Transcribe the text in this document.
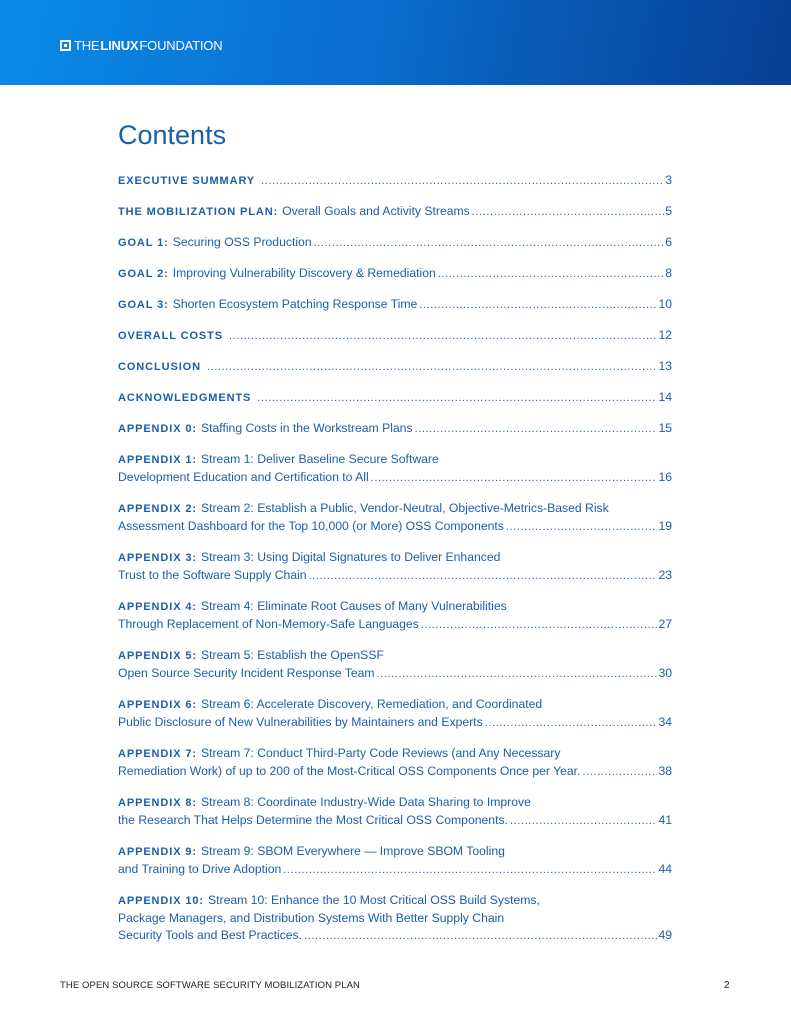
THE LINUX FOUNDATION
Contents
EXECUTIVE SUMMARY .....	3
THE MOBILIZATION PLAN: Overall Goals and Activity Streams .....	5
GOAL 1: Securing OSS Production .....	6
GOAL 2: Improving Vulnerability Discovery & Remediation .....	8
GOAL 3: Shorten Ecosystem Patching Response Time .....	10
OVERALL COSTS .....	12
CONCLUSION .....	13
ACKNOWLEDGMENTS .....	14
APPENDIX 0: Staffing Costs in the Workstream Plans .....	15
APPENDIX 1: Stream 1: Deliver Baseline Secure Software
Development Education and Certification to All .....	16
APPENDIX 2: Stream 2: Establish a Public, Vendor-Neutral, Objective-Metrics-Based Risk
Assessment Dashboard for the Top 10,000 (or More) OSS Components .....	19
APPENDIX 3: Stream 3: Using Digital Signatures to Deliver Enhanced
Trust to the Software Supply Chain .....	23
APPENDIX 4: Stream 4: Eliminate Root Causes of Many Vulnerabilities
Through Replacement of Non-Memory-Safe Languages .....	27
APPENDIX 5: Stream 5: Establish the OpenSSF
Open Source Security Incident Response Team .....	30
APPENDIX 6: Stream 6: Accelerate Discovery, Remediation, and Coordinated
Public Disclosure of New Vulnerabilities by Maintainers and Experts .....	34
APPENDIX 7: Stream 7: Conduct Third-Party Code Reviews (and Any Necessary
Remediation Work) of up to 200 of the Most-Critical OSS Components Once per Year. .....	38
APPENDIX 8: Stream 8: Coordinate Industry-Wide Data Sharing to Improve
the Research That Helps Determine the Most Critical OSS Components. .....	41
APPENDIX 9: Stream 9: SBOM Everywhere — Improve SBOM Tooling
and Training to Drive Adoption .....	44
APPENDIX 10: Stream 10: Enhance the 10 Most Critical OSS Build Systems,
Package Managers, and Distribution Systems With Better Supply Chain
Security Tools and Best Practices. .....	49
THE OPEN SOURCE SOFTWARE SECURITY MOBILIZATION PLAN	2
